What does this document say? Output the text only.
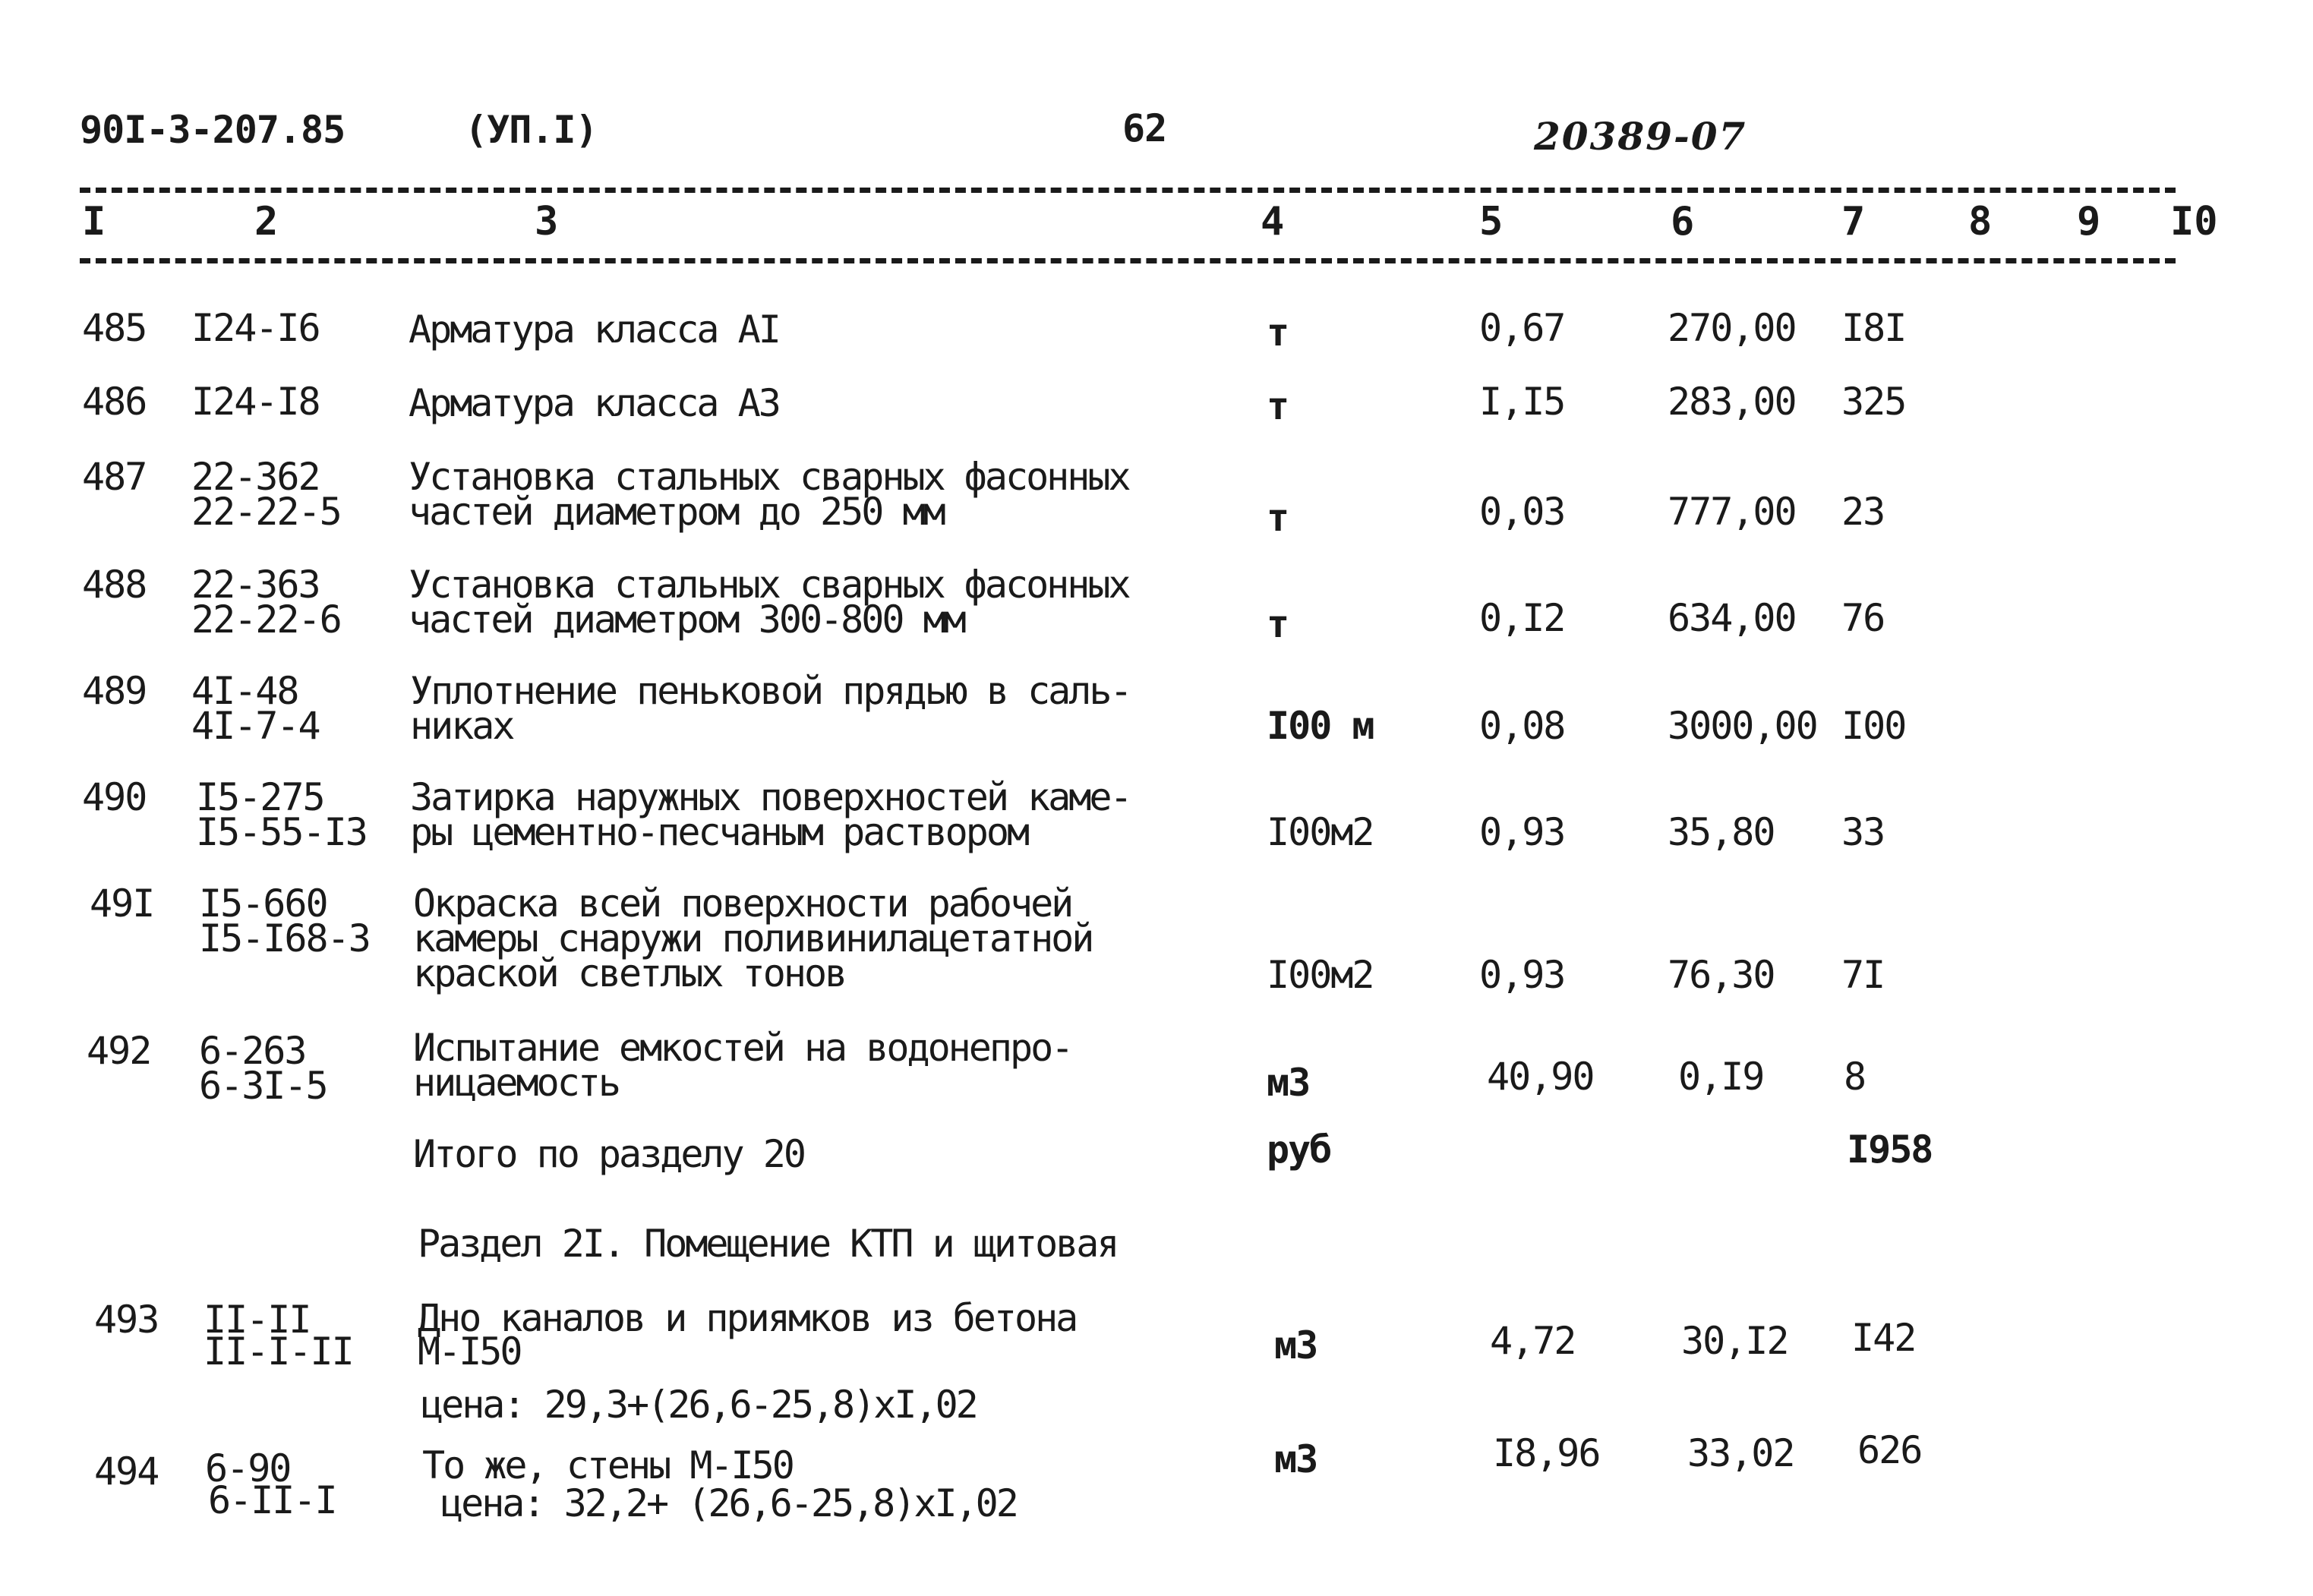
90I-3-207.85	(УП.I)	62	20389-07
I	2	3	4	5	6	7	8 9 I0
485 I24-I6 Арматура класса AI	т	0,67	270,00 I8I
486 I24-I8 Арматура класса A3	т	I,I5	283,00 325
487 22-362
22-22-5
Установка стальных сварных фасонных
частей диаметром до 250 мм	т	0,03	777,00 23
488 22-363
22-22-6
Установка стальных сварных фасонных
частей диаметром 300-800 мм	т	0,I2	634,00 76
489 4I-48
4I-7-4
Уплотнение пеньковой прядью в саль-
никах	I00 м	0,08	3000,00 I00
490 I5-275
I5-55-I3
Затирка наружных поверхностей каме-
ры цементно-песчаным раствором	I00м2	0,93	35,80 33
49I I5-660
I5-I68-3
Окраска всей поверхности рабочей
камеры снаружи поливинилацетатной
краской светлых тонов	I00м2	0,93	76,30 7I
492 6-263
6-3I-5
Испытание емкостей на водонепро-
ницаемость	м3	40,90 0,I9 8
Итого по разделу 20	руб	I958
Раздел 2I. Помещение КТП и щитовая
493 II-II
II-I-II
Дно каналов и приямков из бетона
М-I50
цена: 29,3+(26,6-25,8)xI,02
м3	4,72	30,I2 I42
494 6-90
6-II-I
То же, стены М-I50
цена: 32,2+ (26,6-25,8)xI,02
м3	I8,96 33,02 626
